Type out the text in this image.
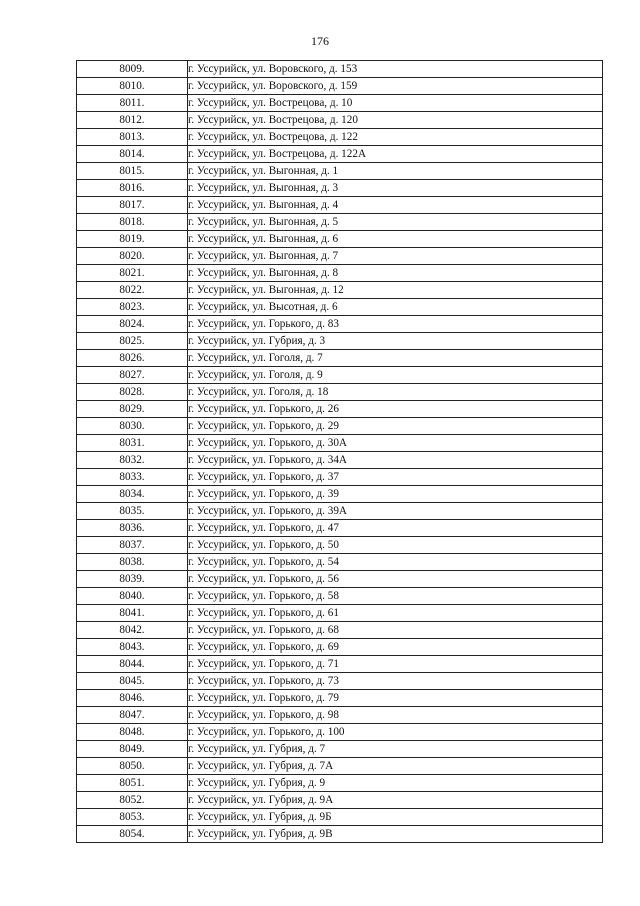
176
8009.	г. Уссурийск, ул. Воровского, д. 153
8010.	г. Уссурийск, ул. Воровского, д. 159
8011.	г. Уссурийск, ул. Вострецова, д. 10
8012.	г. Уссурийск, ул. Вострецова, д. 120
8013.	г. Уссурийск, ул. Вострецова, д. 122
8014.	г. Уссурийск, ул. Вострецова, д. 122А
8015.	г. Уссурийск, ул. Выгонная, д. 1
8016.	г. Уссурийск, ул. Выгонная, д. 3
8017.	г. Уссурийск, ул. Выгонная, д. 4
8018.	г. Уссурийск, ул. Выгонная, д. 5
8019.	г. Уссурийск, ул. Выгонная, д. 6
8020.	г. Уссурийск, ул. Выгонная, д. 7
8021.	г. Уссурийск, ул. Выгонная, д. 8
8022.	г. Уссурийск, ул. Выгонная, д. 12
8023.	г. Уссурийск, ул. Высотная, д. 6
8024.	г. Уссурийск, ул. Горького, д. 83
8025.	г. Уссурийск, ул. Губрия, д. 3
8026.	г. Уссурийск, ул. Гоголя, д. 7
8027.	г. Уссурийск, ул. Гоголя, д. 9
8028.	г. Уссурийск, ул. Гоголя, д. 18
8029.	г. Уссурийск, ул. Горького, д. 26
8030.	г. Уссурийск, ул. Горького, д. 29
8031.	г. Уссурийск, ул. Горького, д. 30А
8032.	г. Уссурийск, ул. Горького, д. 34А
8033.	г. Уссурийск, ул. Горького, д. 37
8034.	г. Уссурийск, ул. Горького, д. 39
8035.	г. Уссурийск, ул. Горького, д. 39А
8036.	г. Уссурийск, ул. Горького, д. 47
8037.	г. Уссурийск, ул. Горького, д. 50
8038.	г. Уссурийск, ул. Горького, д. 54
8039.	г. Уссурийск, ул. Горького, д. 56
8040.	г. Уссурийск, ул. Горького, д. 58
8041.	г. Уссурийск, ул. Горького, д. 61
8042.	г. Уссурийск, ул. Горького, д. 68
8043.	г. Уссурийск, ул. Горького, д. 69
8044.	г. Уссурийск, ул. Горького, д. 71
8045.	г. Уссурийск, ул. Горького, д. 73
8046.	г. Уссурийск, ул. Горького, д. 79
8047.	г. Уссурийск, ул. Горького, д. 98
8048.	г. Уссурийск, ул. Горького, д. 100
8049.	г. Уссурийск, ул. Губрия, д. 7
8050.	г. Уссурийск, ул. Губрия, д. 7А
8051.	г. Уссурийск, ул. Губрия, д. 9
8052.	г. Уссурийск, ул. Губрия, д. 9А
8053.	г. Уссурийск, ул. Губрия, д. 9Б
8054.	г. Уссурийск, ул. Губрия, д. 9В
